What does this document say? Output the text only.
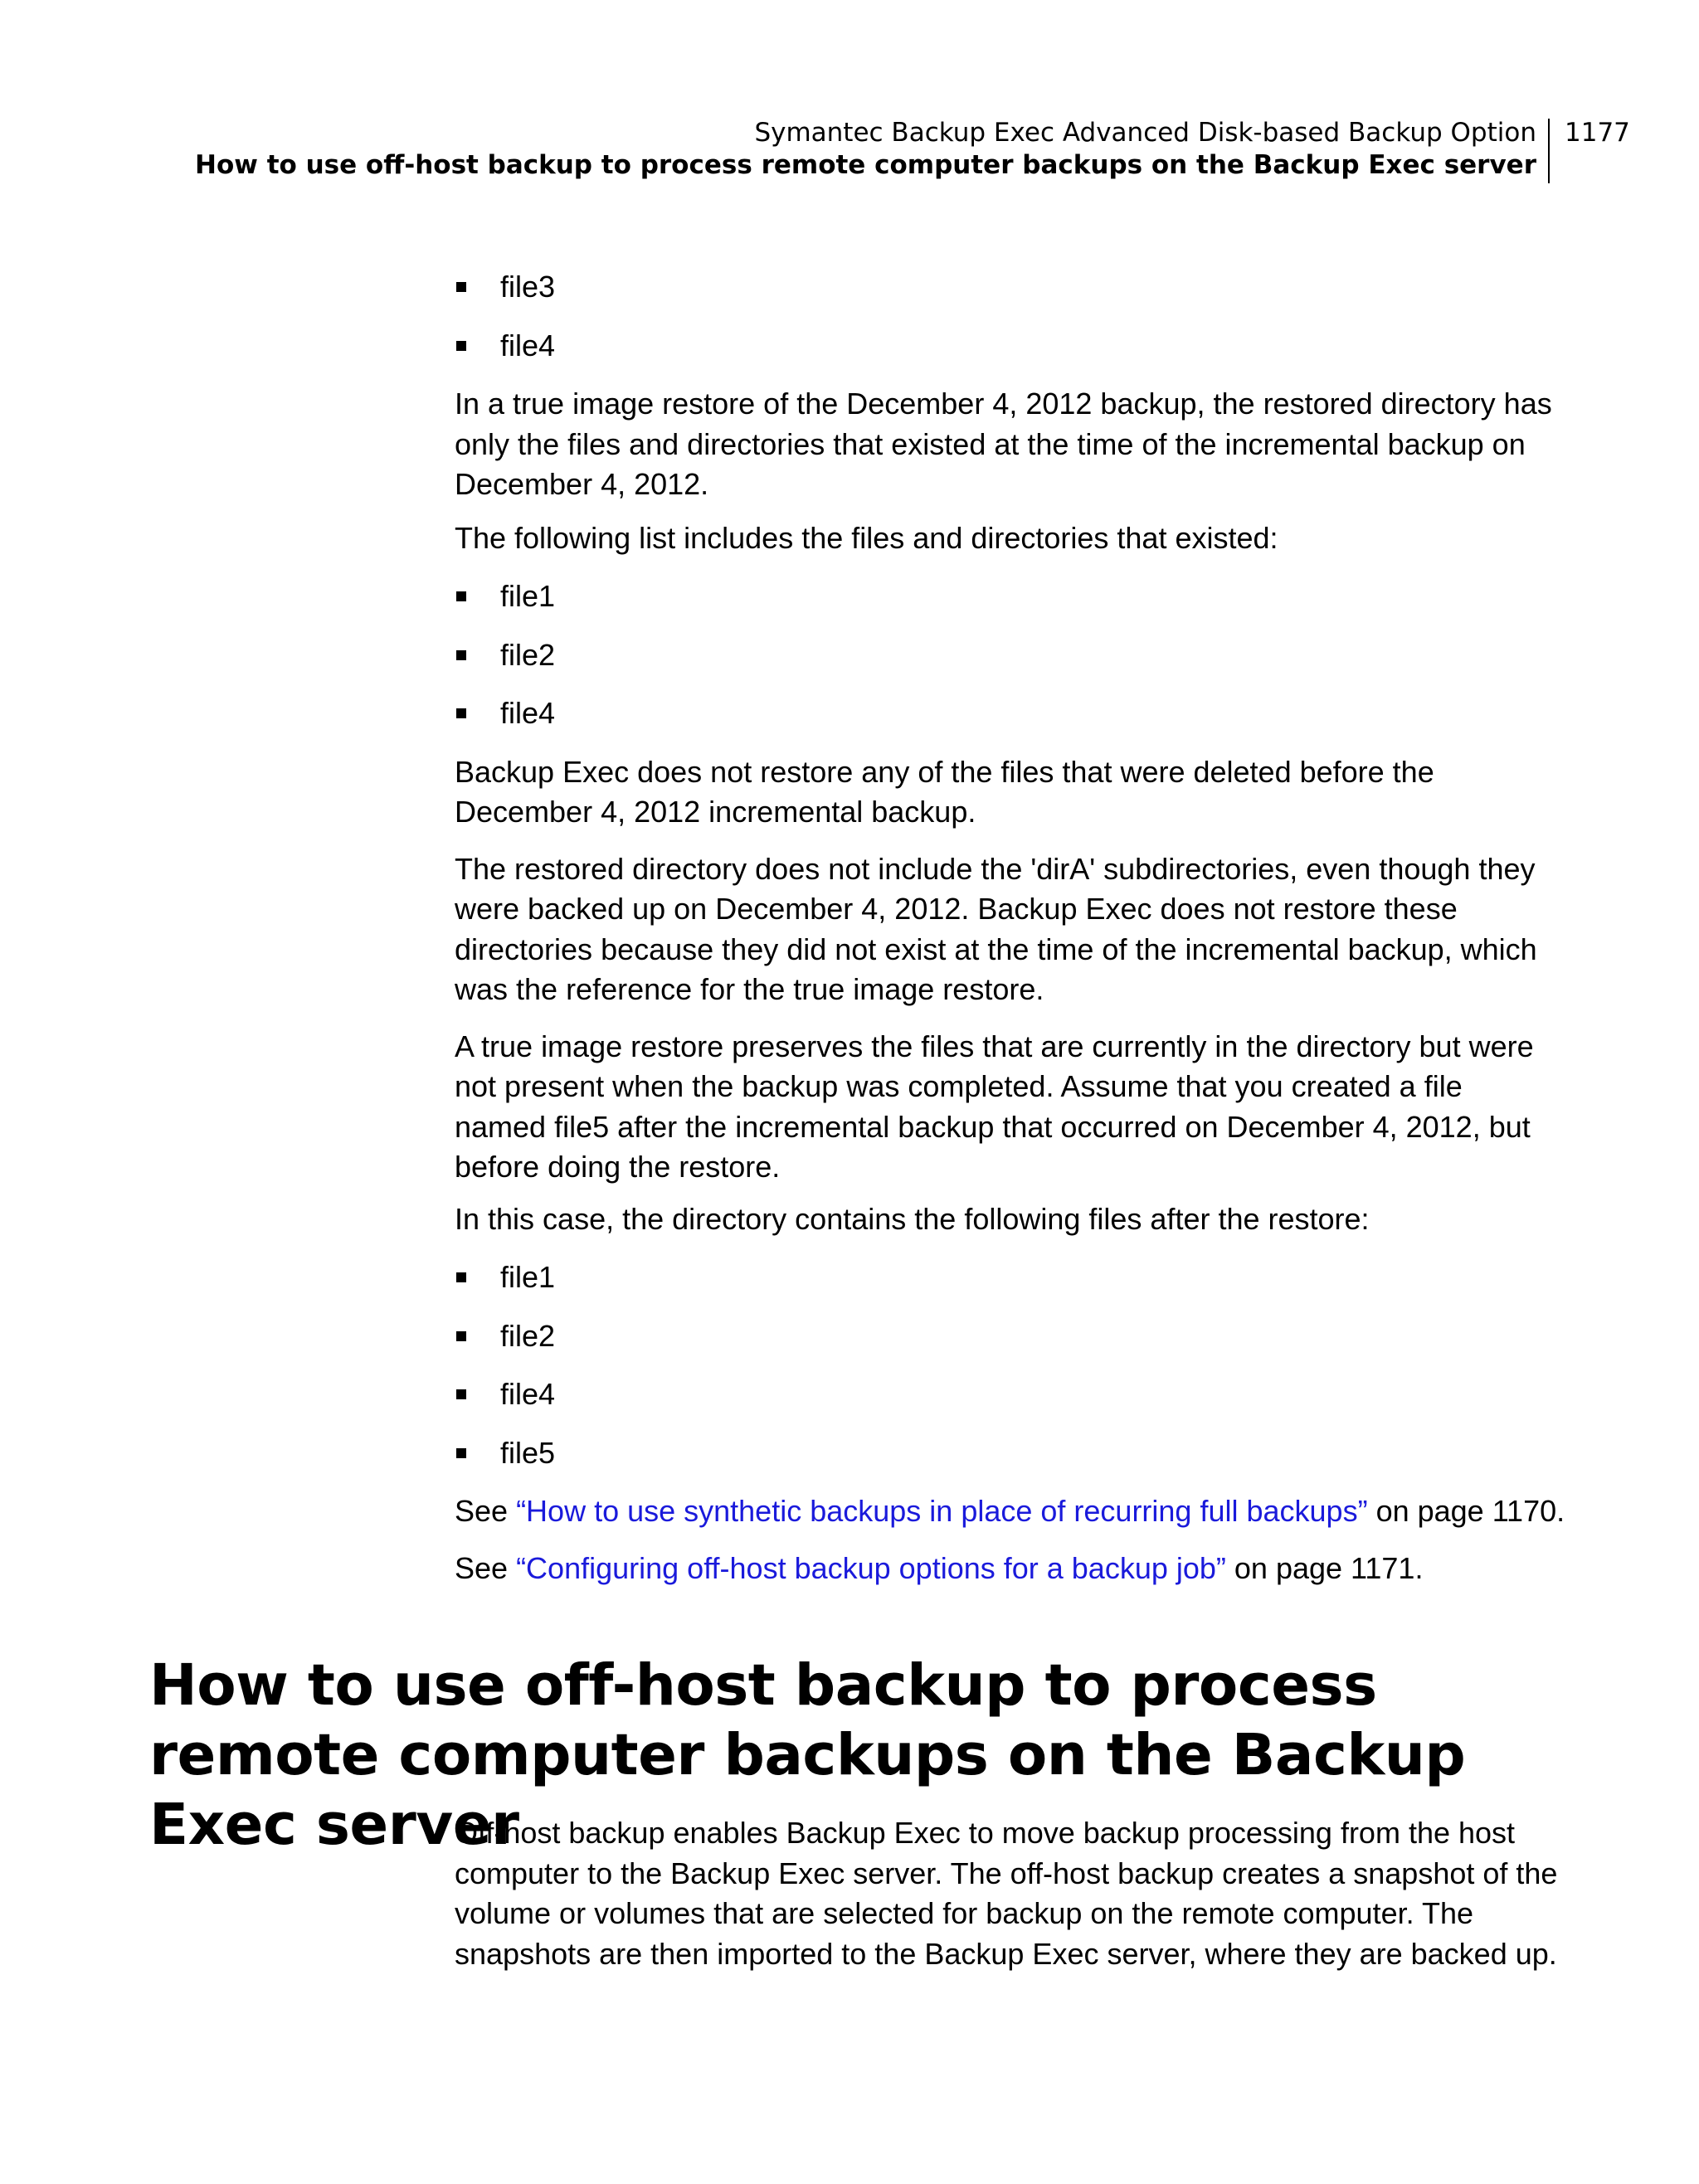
Symantec Backup Exec Advanced Disk-based Backup Option
How to use off-host backup to process remote computer backups on the Backup Exec server
1177
file3
file4

In a true image restore of the December 4, 2012 backup, the restored directory has only the files and directories that existed at the time of the incremental backup on December 4, 2012.

The following list includes the files and directories that existed:

file1
file2
file4

Backup Exec does not restore any of the files that were deleted before the December 4, 2012 incremental backup.

The restored directory does not include the 'dirA' subdirectories, even though they were backed up on December 4, 2012. Backup Exec does not restore these directories because they did not exist at the time of the incremental backup, which was the reference for the true image restore.

A true image restore preserves the files that are currently in the directory but were not present when the backup was completed. Assume that you created a file named file5 after the incremental backup that occurred on December 4, 2012, but before doing the restore.

In this case, the directory contains the following files after the restore:

file1
file2
file4
file5

See “How to use synthetic backups in place of recurring full backups” on page 1170.

See “Configuring off-host backup options for a backup job” on page 1171.

How to use off-host backup to process remote computer backups on the Backup Exec server

Off-host backup enables Backup Exec to move backup processing from the host computer to the Backup Exec server. The off-host backup creates a snapshot of the volume or volumes that are selected for backup on the remote computer. The snapshots are then imported to the Backup Exec server, where they are backed up.
